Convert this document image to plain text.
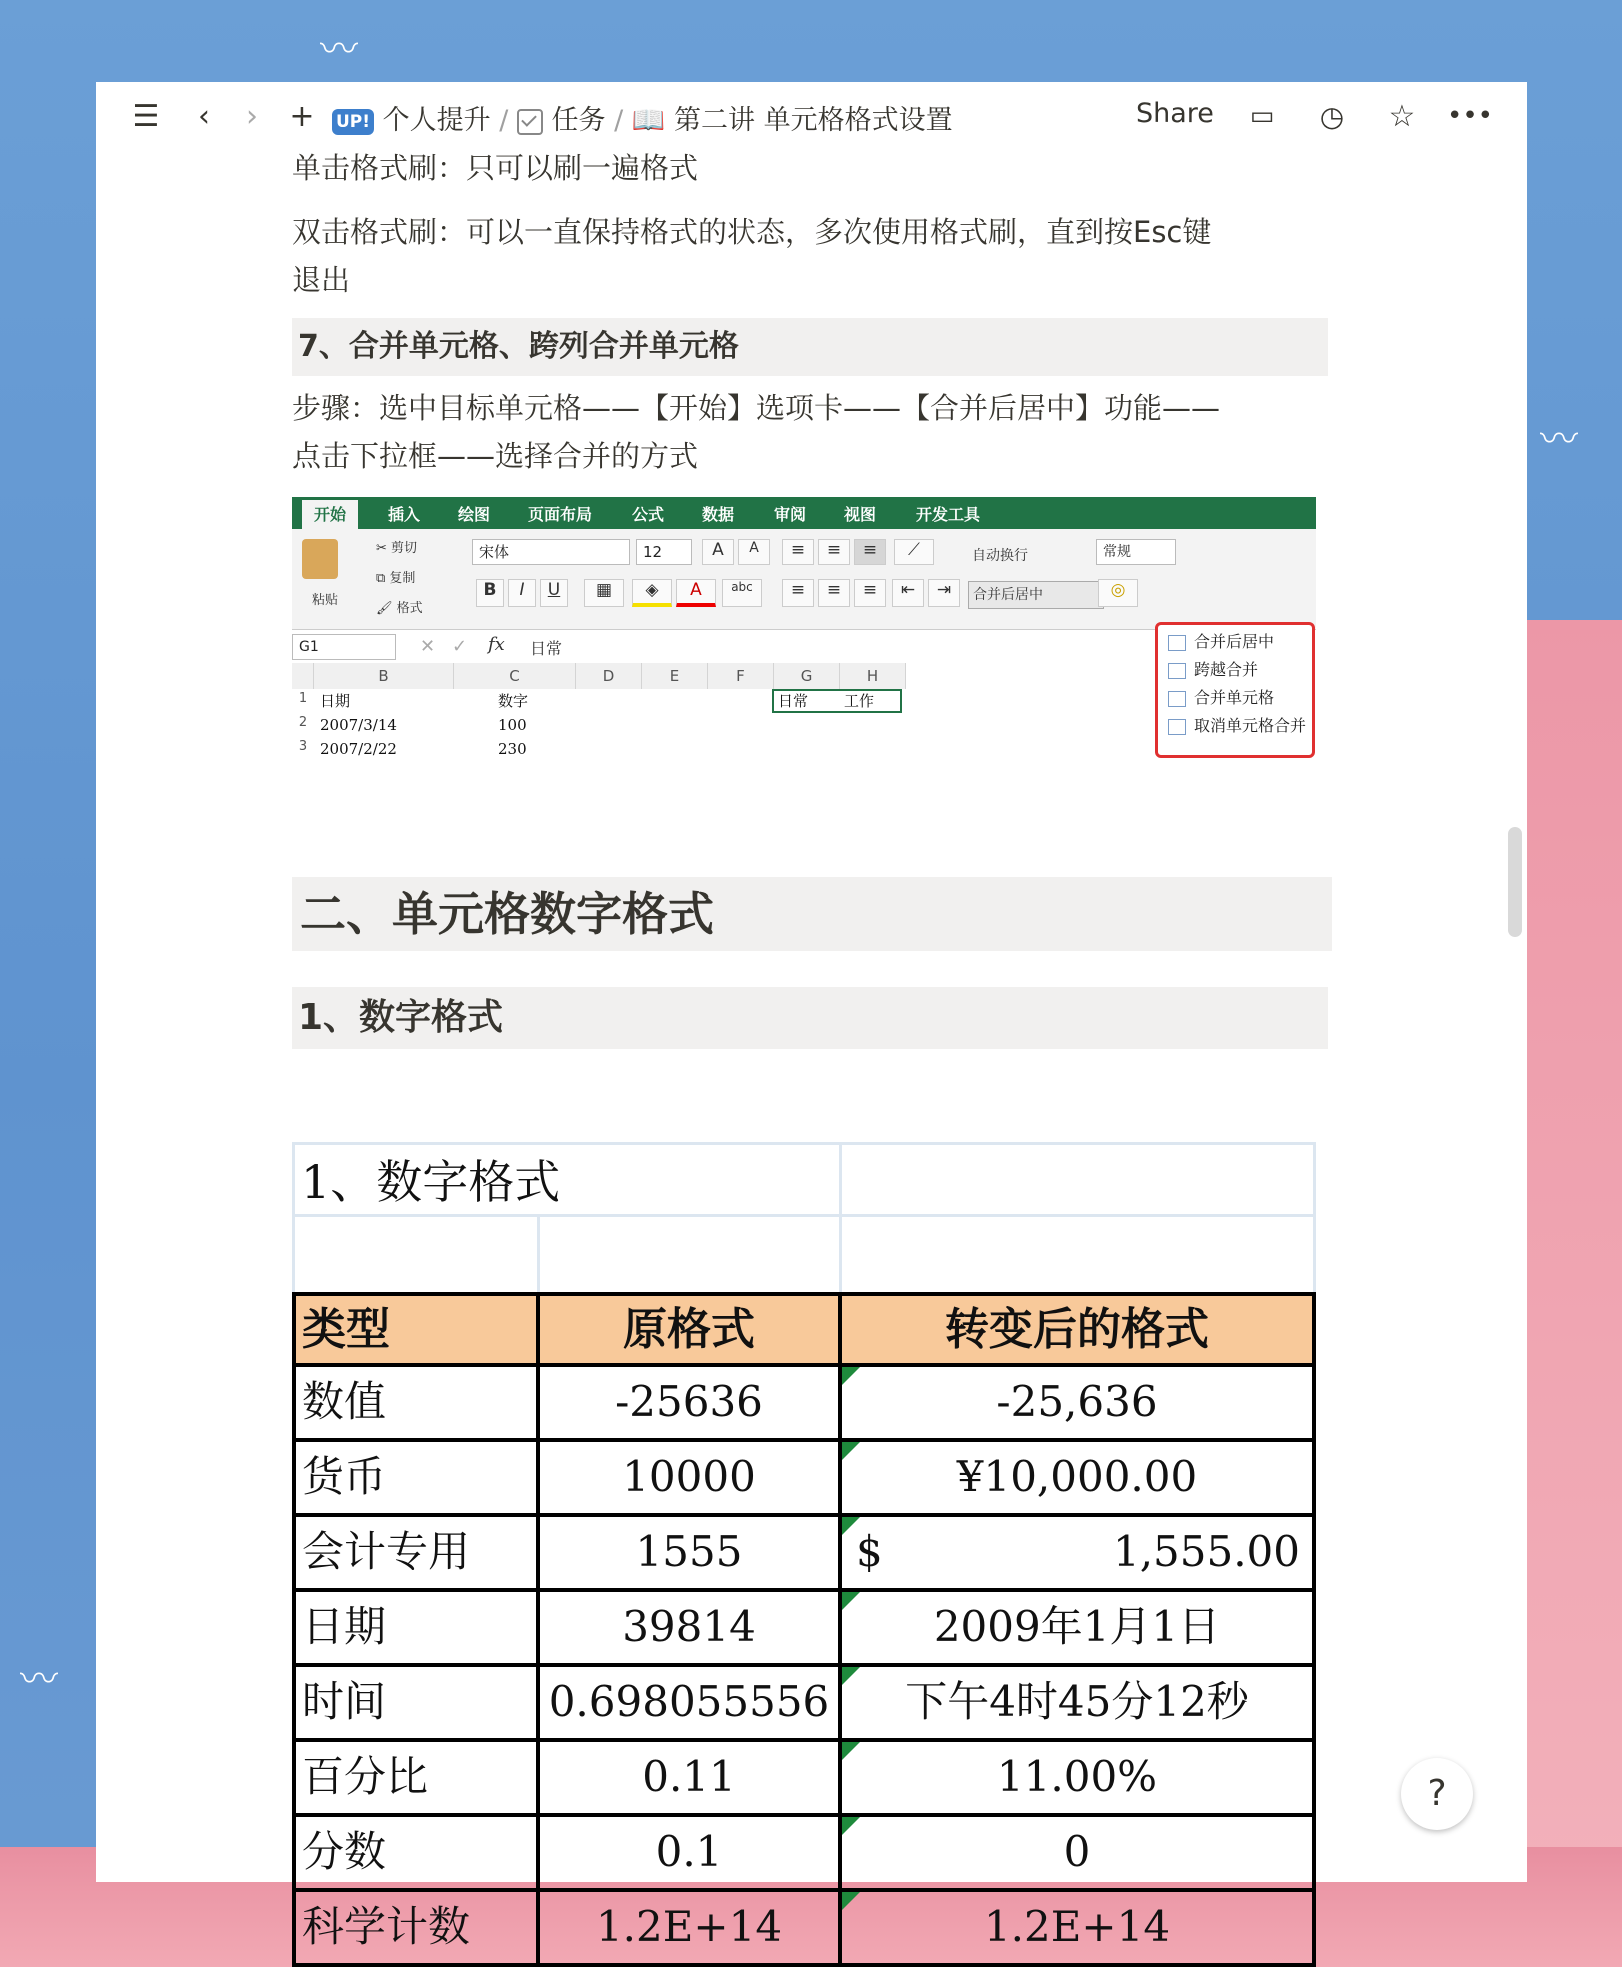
〰
〰
〰
☰	‹	›	+	UP! 个人提升 / 任务 / 📖 第二讲 单元格格式设置	Share ▭ ◷ ☆ •••
单击格式刷：只可以刷一遍格式
双击格式刷：可以一直保持格式的状态，多次使用格式刷，直到按Esc键
退出
7、合并单元格、跨列合并单元格
步骤：选中目标单元格——【开始】选项卡——【合并后居中】功能——
点击下拉框——选择合并的方式
开始	插入 绘图 页面布局 公式 数据 审阅 视图 开发工具
粘贴
✂ 剪切
⧉ 复制
🖌 格式
宋体	12	A	A
B	I	U	▦	◈	A	abc
≡	≡	≡	⟋
≡	≡	≡	⇤	⇥
自动换行
合并后居中
常规
◎
G1	✕ ✓ fx 日常
B	C	D	E	F	G	H
1
2
3
日期	数字
2007/3/14	100
2007/2/22	230
日常 工作
合并后居中
跨越合并
合并单元格
取消单元格合并
二、单元格数字格式
1、数字格式
1、数字格式
类型	原格式	转变后的格式
数值	-25636	-25,636
货币	10000	¥10,000.00
会计专用	1555	1,555.00
$
日期	39814	2009年1月1日
时间	0.698055556	下午4时45分12秒
百分比	0.11	11.00%
分数	0.1	0
科学计数	1.2E+14	1.2E+14
?
